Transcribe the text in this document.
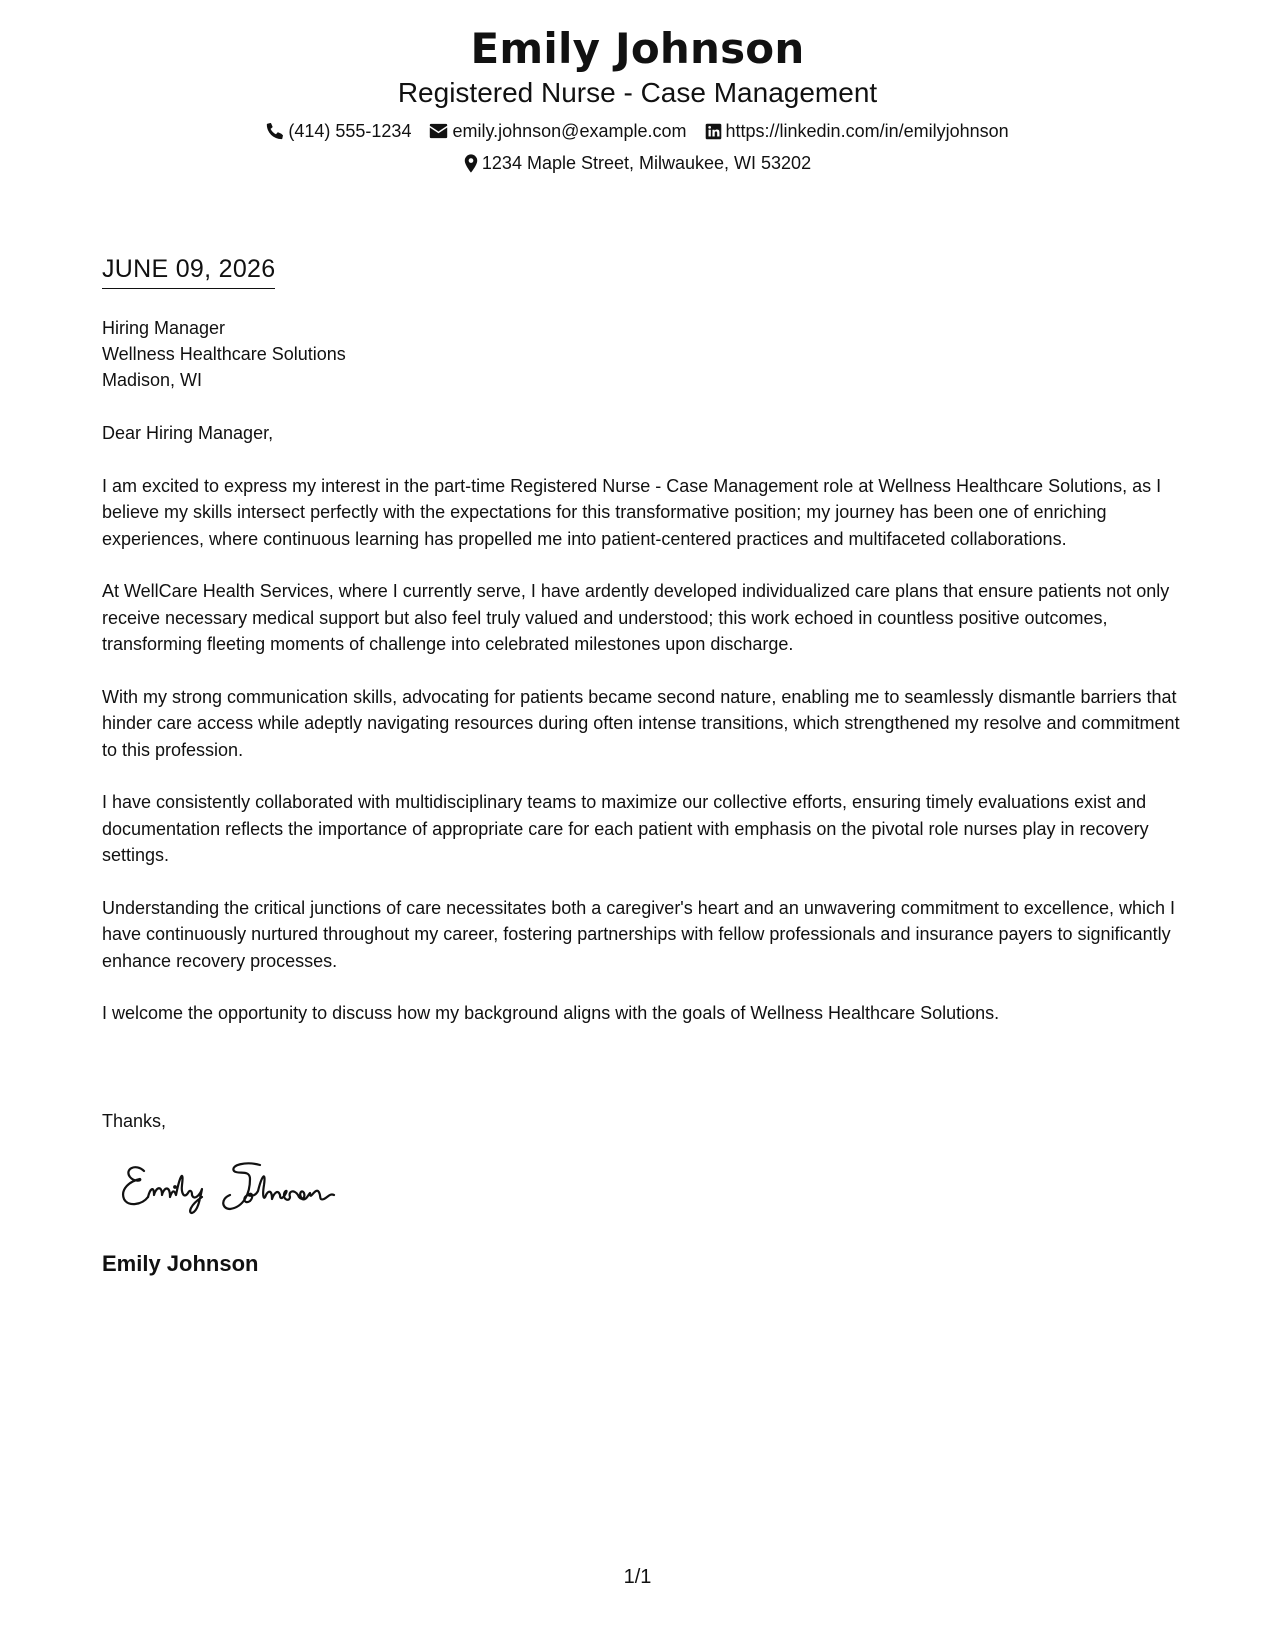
Emily Johnson
Registered Nurse - Case Management
(414) 555-1234 emily.johnson@example.com https://linkedin.com/in/emilyjohnson
1234 Maple Street, Milwaukee, WI 53202
JUNE 09, 2026
Hiring Manager
Wellness Healthcare Solutions
Madison, WI

Dear Hiring Manager,

I am excited to express my interest in the part-time Registered Nurse - Case Management role at Wellness Healthcare Solutions, as I believe my skills intersect perfectly with the expectations for this transformative position; my journey has been one of enriching experiences, where continuous learning has propelled me into patient-centered practices and multifaceted collaborations.

At WellCare Health Services, where I currently serve, I have ardently developed individualized care plans that ensure patients not only receive necessary medical support but also feel truly valued and understood; this work echoed in countless positive outcomes, transforming fleeting moments of challenge into celebrated milestones upon discharge.

With my strong communication skills, advocating for patients became second nature, enabling me to seamlessly dismantle barriers that hinder care access while adeptly navigating resources during often intense transitions, which strengthened my resolve and commitment to this profession.

I have consistently collaborated with multidisciplinary teams to maximize our collective efforts, ensuring timely evaluations exist and documentation reflects the importance of appropriate care for each patient with emphasis on the pivotal role nurses play in recovery settings.

Understanding the critical junctions of care necessitates both a caregiver's heart and an unwavering commitment to excellence, which I have continuously nurtured throughout my career, fostering partnerships with fellow professionals and insurance payers to significantly enhance recovery processes.

I welcome the opportunity to discuss how my background aligns with the goals of Wellness Healthcare Solutions.

Thanks,
Emily Johnson
1/1
